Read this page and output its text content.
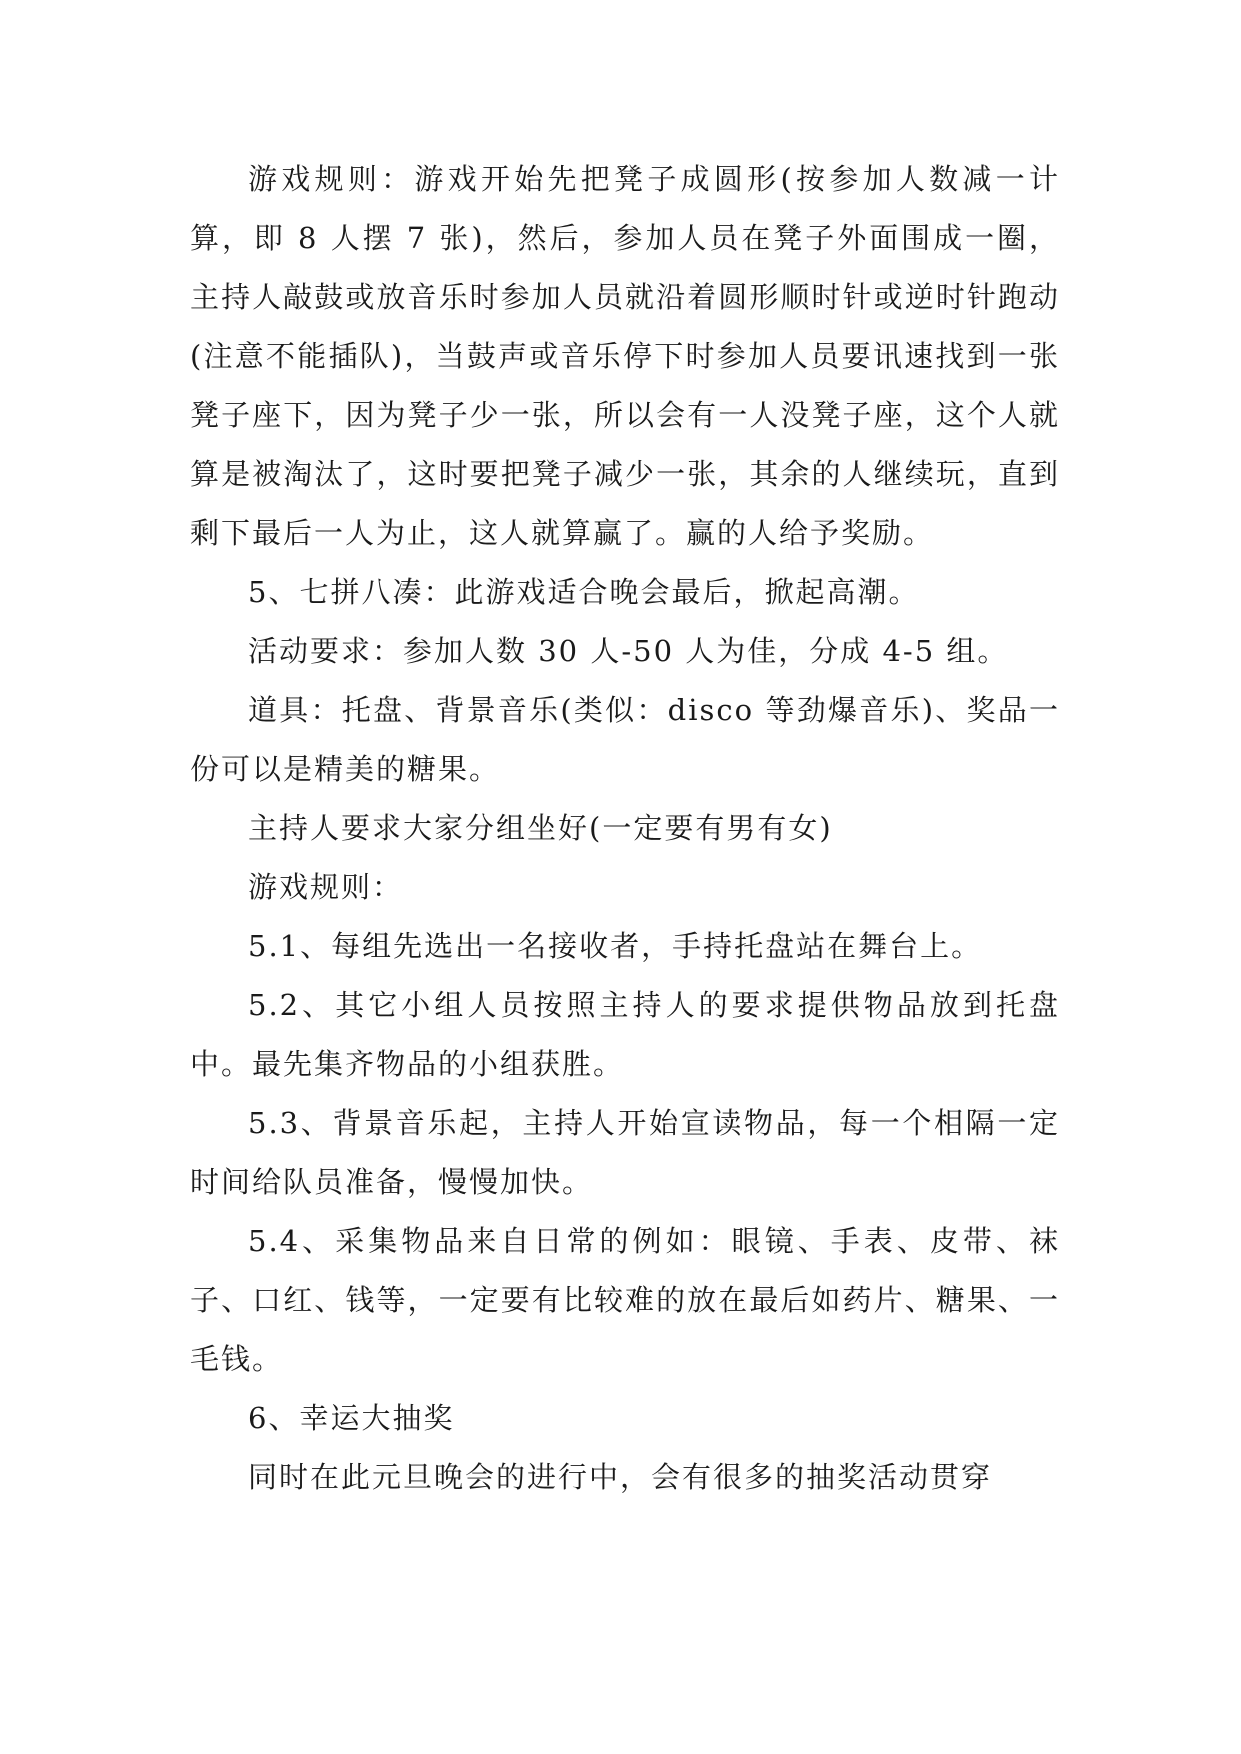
游戏规则：游戏开始先把凳子成圆形(按参加人数减一计算，即 8 人摆 7 张)，然后，参加人员在凳子外面围成一圈，主持人敲鼓或放音乐时参加人员就沿着圆形顺时针或逆时针跑动(注意不能插队)，当鼓声或音乐停下时参加人员要讯速找到一张凳子座下，因为凳子少一张，所以会有一人没凳子座，这个人就算是被淘汰了，这时要把凳子减少一张，其余的人继续玩，直到剩下最后一人为止，这人就算赢了。赢的人给予奖励。

5、七拼八凑：此游戏适合晚会最后，掀起高潮。

活动要求：参加人数 30 人-50 人为佳，分成 4-5 组。

道具：托盘、背景音乐(类似：disco 等劲爆音乐)、奖品一份可以是精美的糖果。

主持人要求大家分组坐好(一定要有男有女)

游戏规则：

5.1、每组先选出一名接收者，手持托盘站在舞台上。

5.2、其它小组人员按照主持人的要求提供物品放到托盘中。最先集齐物品的小组获胜。

5.3、背景音乐起，主持人开始宣读物品，每一个相隔一定时间给队员准备，慢慢加快。

5.4、采集物品来自日常的例如：眼镜、手表、皮带、袜子、口红、钱等，一定要有比较难的放在最后如药片、糖果、一毛钱。

6、幸运大抽奖

同时在此元旦晚会的进行中，会有很多的抽奖活动贯穿
